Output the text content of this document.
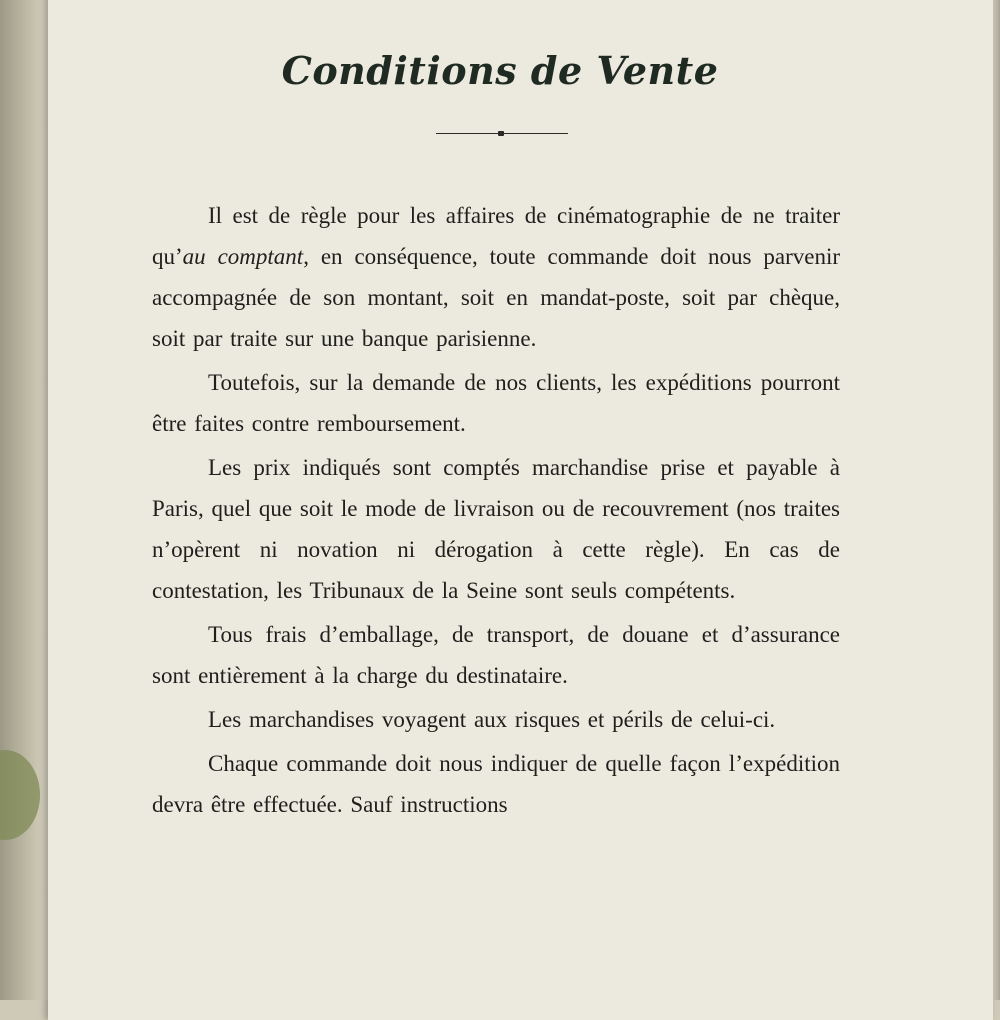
Conditions de Vente

Il est de règle pour les affaires de cinématographie de ne traiter qu’au comptant, en conséquence, toute commande doit nous parvenir accompagnée de son montant, soit en mandat-poste, soit par chèque, soit par traite sur une banque parisienne.

Toutefois, sur la demande de nos clients, les expéditions pourront être faites contre remboursement.

Les prix indiqués sont comptés marchandise prise et payable à Paris, quel que soit le mode de livraison ou de recouvrement (nos traites n’opèrent ni novation ni dérogation à cette règle). En cas de contestation, les Tribunaux de la Seine sont seuls compétents.

Tous frais d’emballage, de transport, de douane et d’assurance sont entièrement à la charge du destinataire.

Les marchandises voyagent aux risques et périls de celui-ci.

Chaque commande doit nous indiquer de quelle façon l’expédition devra être effectuée. Sauf instructions
